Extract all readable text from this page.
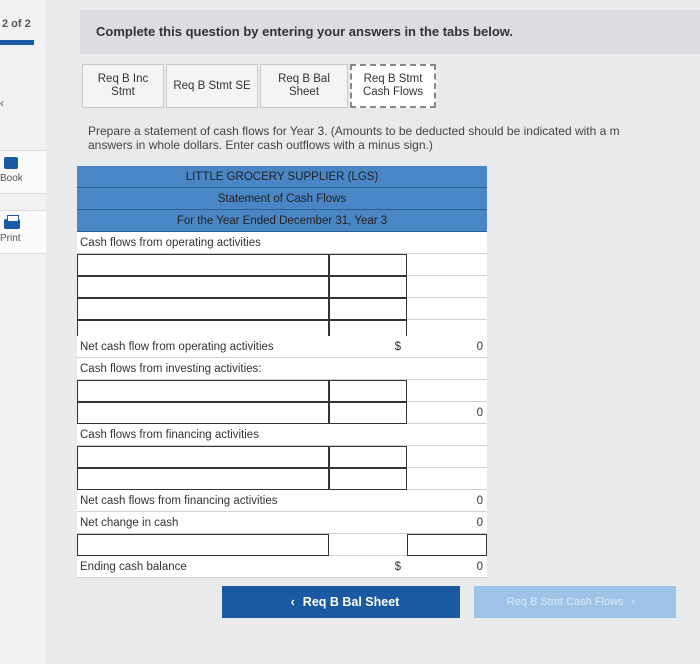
2 of 2
‹
Book
Print
Complete this question by entering your answers in the tabs below.
Req B Inc Stmt
Req B Stmt SE
Req B Bal Sheet
Req B Stmt Cash Flows
Prepare a statement of cash flows for Year 3. (Amounts to be deducted should be indicated with a m
answers in whole dollars. Enter cash outflows with a minus sign.)
LITTLE GROCERY SUPPLIER (LGS)
Statement of Cash Flows
For the Year Ended December 31, Year 3
Cash flows from operating activities
Net cash flow from operating activities	$	0
Cash flows from investing activities:
0
Cash flows from financing activities
Net cash flows from financing activities	0
Net change in cash	0
Ending cash balance	$	0
‹ Req B Bal Sheet	Req B Stmt Cash Flows ›
